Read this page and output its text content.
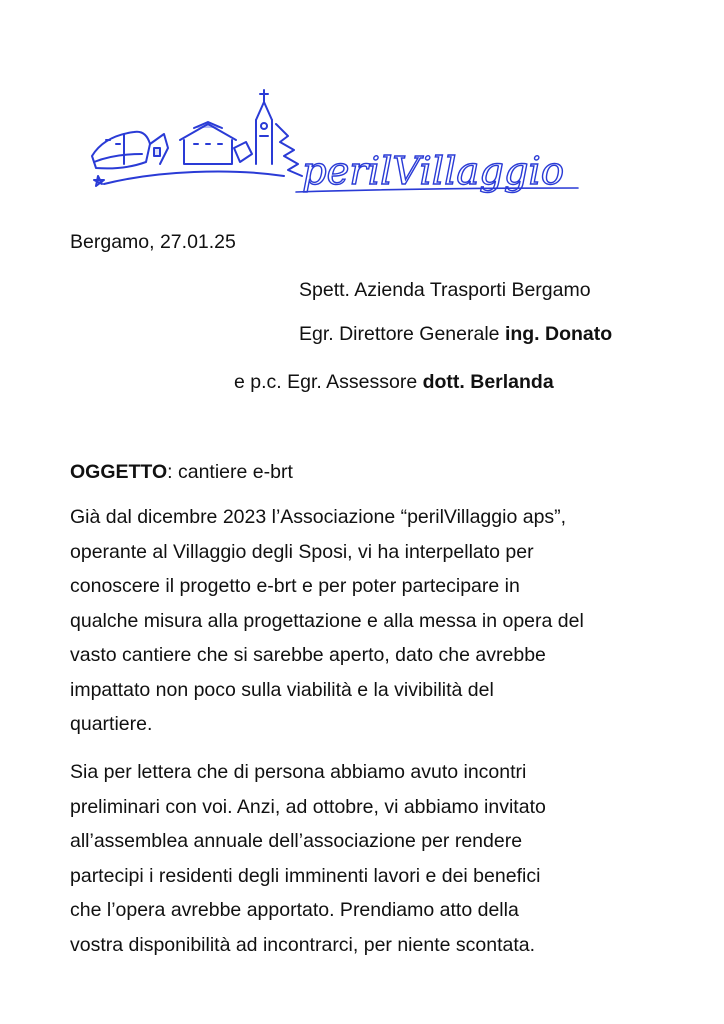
perilVillaggio
Bergamo, 27.01.25
Spett. Azienda Trasporti Bergamo
Egr. Direttore Generale ing. Donato
e p.c. Egr. Assessore dott. Berlanda
OGGETTO: cantiere e-brt
Già dal dicembre 2023 l’Associazione “perilVillaggio aps”,
operante al Villaggio degli Sposi, vi ha interpellato per
conoscere il progetto e-brt e per poter partecipare in
qualche misura alla progettazione e alla messa in opera del
vasto cantiere che si sarebbe aperto, dato che avrebbe
impattato non poco sulla viabilità e la vivibilità del
quartiere.
Sia per lettera che di persona abbiamo avuto incontri
preliminari con voi. Anzi, ad ottobre, vi abbiamo invitato
all’assemblea annuale dell’associazione per rendere
partecipi i residenti degli imminenti lavori e dei benefici
che l’opera avrebbe apportato. Prendiamo atto della
vostra disponibilità ad incontrarci, per niente scontata.
